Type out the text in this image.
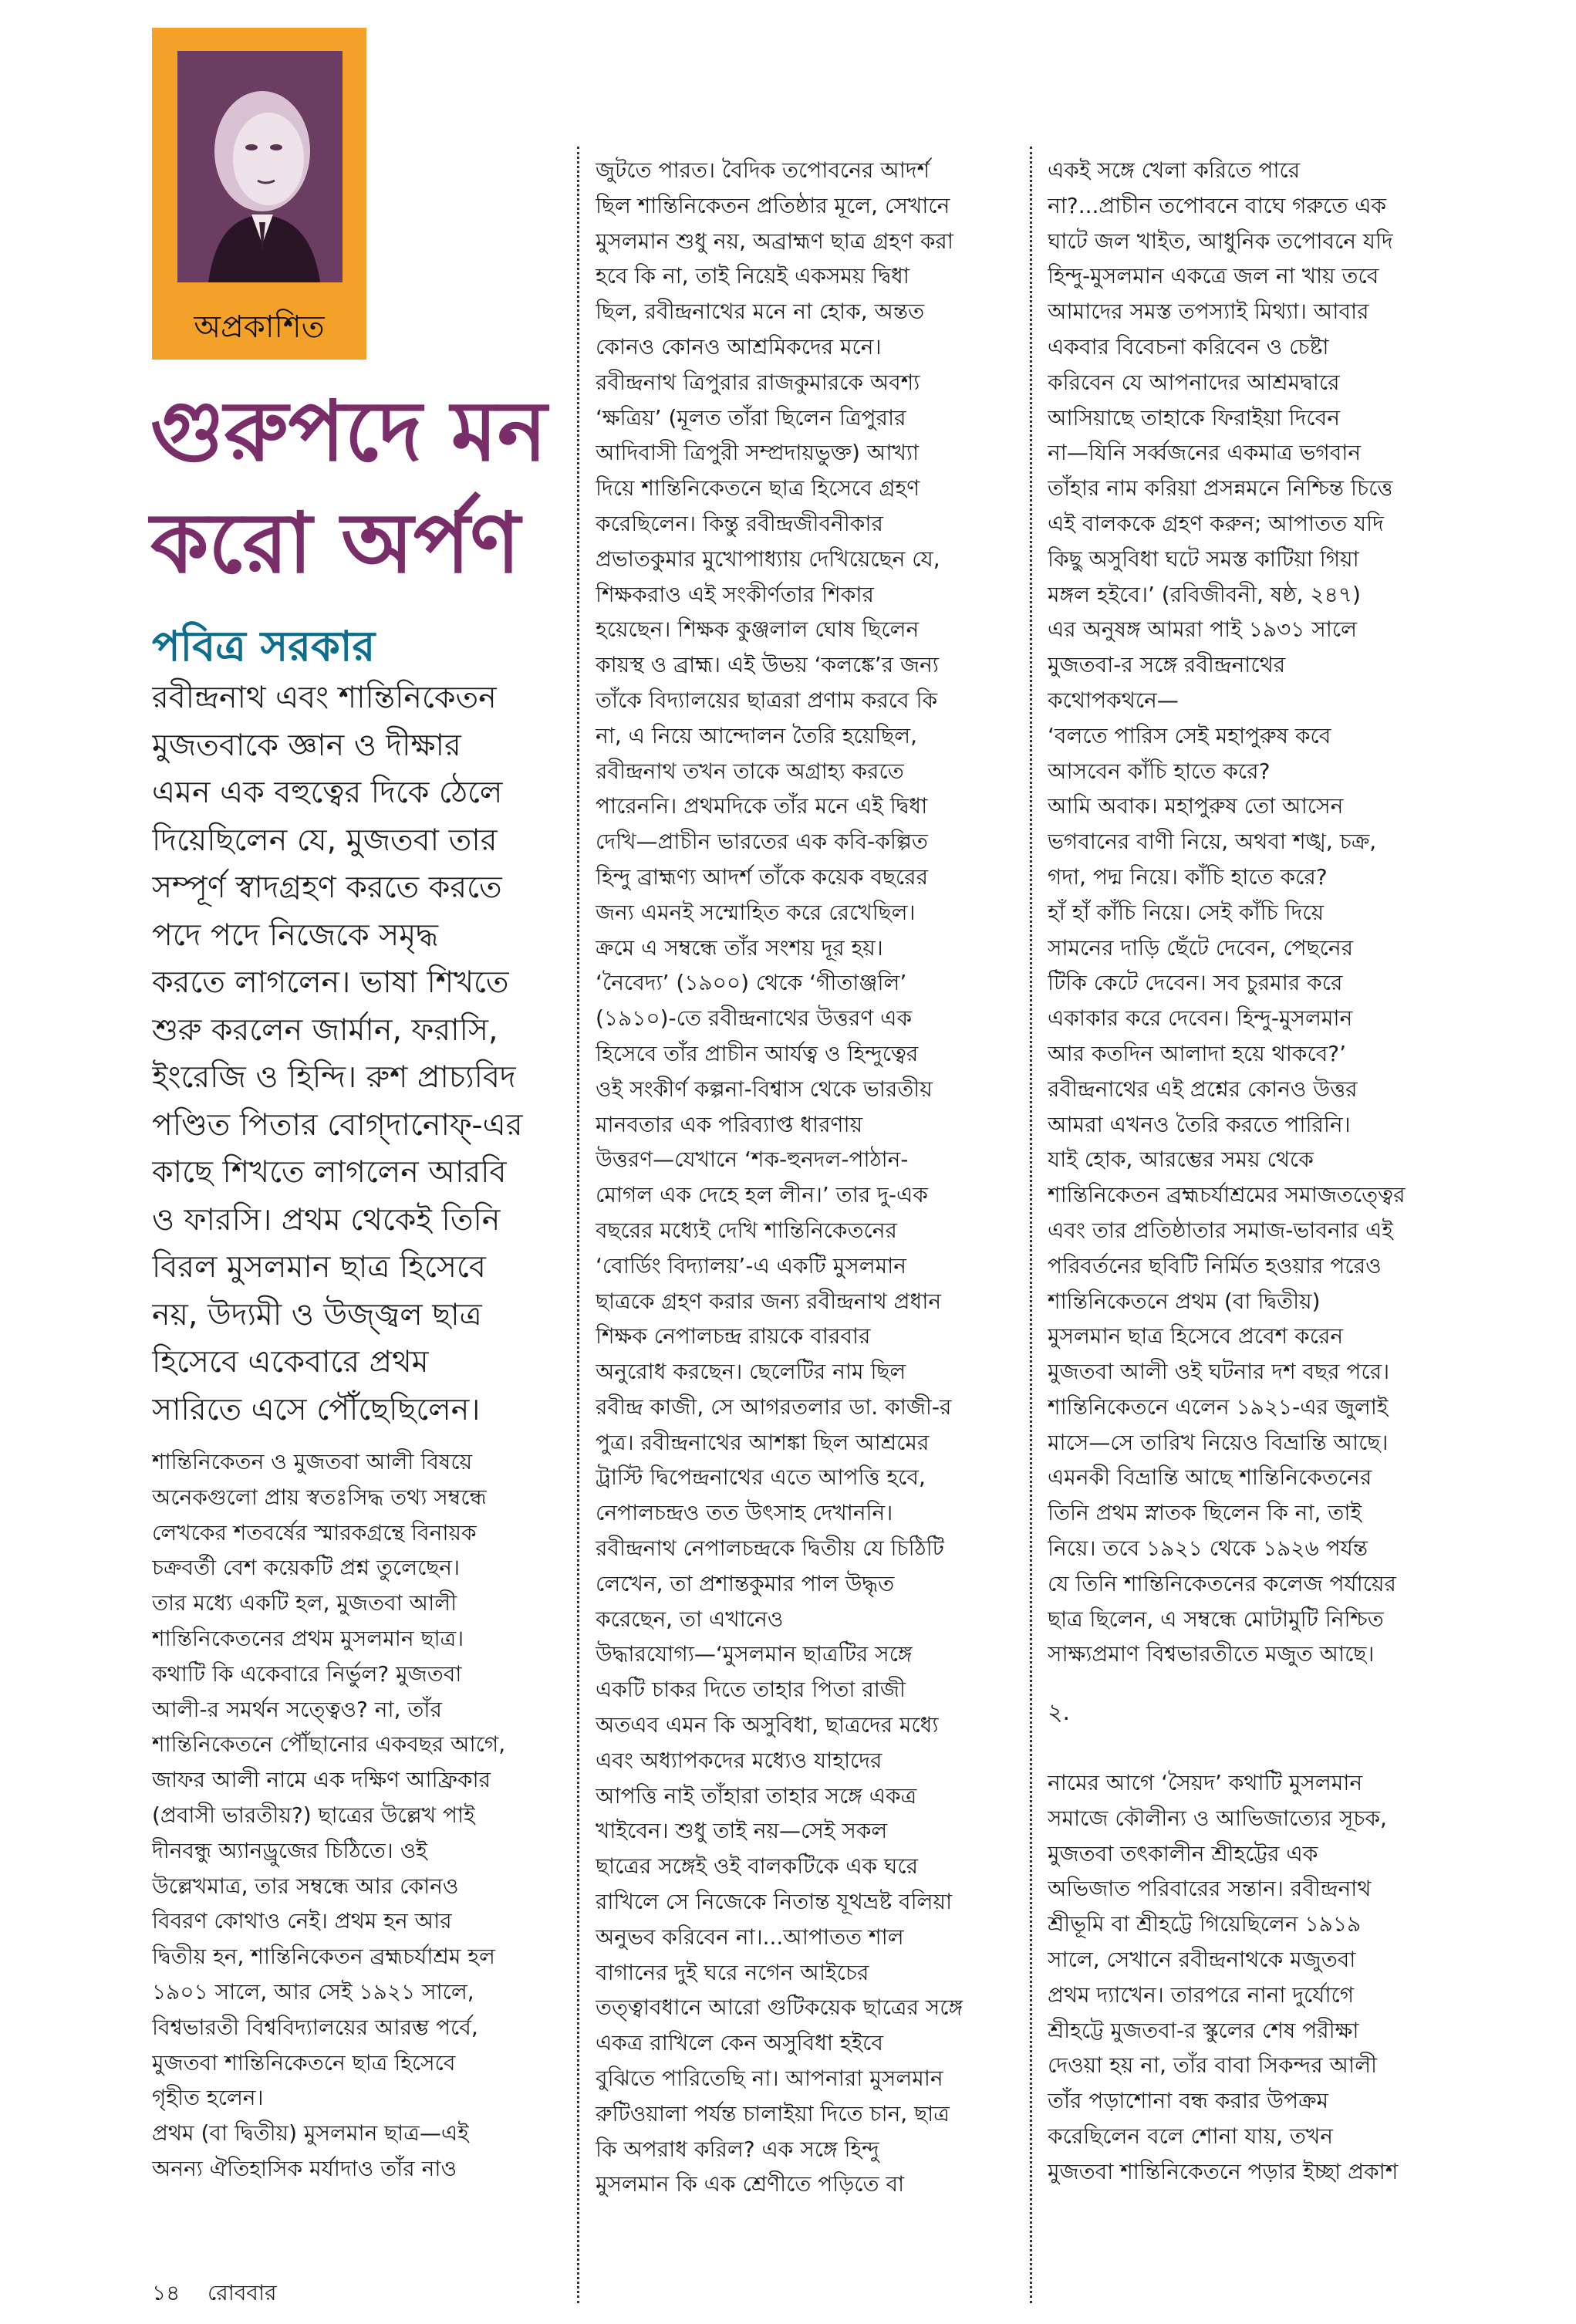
অপ্রকাশিত
গুরুপদে মন
করো অর্পণ
পবিত্র সরকার

রবীন্দ্রনাথ এবং শান্তিনিকেতন

মুজতবাকে জ্ঞান ও দীক্ষার

এমন এক বহুত্বের দিকে ঠেলে

দিয়েছিলেন যে, মুজতবা তার

সম্পূর্ণ স্বাদগ্রহণ করতে করতে

পদে পদে নিজেকে সমৃদ্ধ

করতে লাগলেন। ভাষা শিখতে

শুরু করলেন জার্মান, ফরাসি,

ইংরেজি ও হিন্দি। রুশ প্রাচ্যবিদ

পণ্ডিত পিতার বোগ্‌দানোফ্‌-এর

কাছে শিখতে লাগলেন আরবি

ও ফারসি। প্রথম থেকেই তিনি

বিরল মুসলমান ছাত্র হিসেবে

নয়, উদ্যমী ও উজ্জ্বল ছাত্র

হিসেবে একেবারে প্রথম

সারিতে এসে পৌঁছেছিলেন।

শান্তিনিকেতন ও মুজতবা আলী বিষয়ে

অনেকগুলো প্রায় স্বতঃসিদ্ধ তথ্য সম্বন্ধে

লেখকের শতবর্ষের স্মারকগ্রন্থে বিনায়ক

চক্রবর্তী বেশ কয়েকটি প্রশ্ন তুলেছেন।

তার মধ্যে একটি হল, মুজতবা আলী

শান্তিনিকেতনের প্রথম মুসলমান ছাত্র।

কথাটি কি একেবারে নির্ভুল? মুজতবা

আলী-র সমর্থন সত্ত্বেও? না, তাঁর

শান্তিনিকেতনে পৌঁছানোর একবছর আগে,

জাফর আলী নামে এক দক্ষিণ আফ্রিকার

(প্রবাসী ভারতীয়?) ছাত্রের উল্লেখ পাই

দীনবন্ধু অ্যানড্রুজের চিঠিতে। ওই

উল্লেখমাত্র, তার সম্বন্ধে আর কোনও

বিবরণ কোথাও নেই। প্রথম হন আর

দ্বিতীয় হন, শান্তিনিকেতন ব্রহ্মচর্যাশ্রম হল

১৯০১ সালে, আর সেই ১৯২১ সালে,

বিশ্বভারতী বিশ্ববিদ্যালয়ের আরম্ভ পর্বে,

মুজতবা শান্তিনিকেতনে ছাত্র হিসেবে

গৃহীত হলেন।

প্রথম (বা দ্বিতীয়) মুসলমান ছাত্র—এই

অনন্য ঐতিহাসিক মর্যাদাও তাঁর নাও

জুটতে পারত। বৈদিক তপোবনের আদর্শ

ছিল শান্তিনিকেতন প্রতিষ্ঠার মূলে, সেখানে

মুসলমান শুধু নয়, অব্রাহ্মণ ছাত্র গ্রহণ করা

হবে কি না, তাই নিয়েই একসময় দ্বিধা

ছিল, রবীন্দ্রনাথের মনে না হোক, অন্তত

কোনও কোনও আশ্রমিকদের মনে।

রবীন্দ্রনাথ ত্রিপুরার রাজকুমারকে অবশ্য

‘ক্ষত্রিয়’ (মূলত তাঁরা ছিলেন ত্রিপুরার

আদিবাসী ত্রিপুরী সম্প্রদায়ভুক্ত) আখ্যা

দিয়ে শান্তিনিকেতনে ছাত্র হিসেবে গ্রহণ

করেছিলেন। কিন্তু রবীন্দ্রজীবনীকার

প্রভাতকুমার মুখোপাধ্যায় দেখিয়েছেন যে,

শিক্ষকরাও এই সংকীর্ণতার শিকার

হয়েছেন। শিক্ষক কুঞ্জলাল ঘোষ ছিলেন

কায়স্থ ও ব্রাহ্ম। এই উভয় ‘কলঙ্কে’র জন্য

তাঁকে বিদ্যালয়ের ছাত্ররা প্রণাম করবে কি

না, এ নিয়ে আন্দোলন তৈরি হয়েছিল,

রবীন্দ্রনাথ তখন তাকে অগ্রাহ্য করতে

পারেননি। প্রথমদিকে তাঁর মনে এই দ্বিধা

দেখি—প্রাচীন ভারতের এক কবি-কল্পিত

হিন্দু ব্রাহ্মণ্য আদর্শ তাঁকে কয়েক বছরের

জন্য এমনই সম্মোহিত করে রেখেছিল।

ক্রমে এ সম্বন্ধে তাঁর সংশয় দূর হয়।

‘নৈবেদ্য’ (১৯০০) থেকে ‘গীতাঞ্জলি’

(১৯১০)-তে রবীন্দ্রনাথের উত্তরণ এক

হিসেবে তাঁর প্রাচীন আর্যত্ব ও হিন্দুত্বের

ওই সংকীর্ণ কল্পনা-বিশ্বাস থেকে ভারতীয়

মানবতার এক পরিব্যাপ্ত ধারণায়

উত্তরণ—যেখানে ‘শক-হুনদল-পাঠান-

মোগল এক দেহে হল লীন।’ তার দু-এক

বছরের মধ্যেই দেখি শান্তিনিকেতনের

‘বোর্ডিং বিদ্যালয়’-এ একটি মুসলমান

ছাত্রকে গ্রহণ করার জন্য রবীন্দ্রনাথ প্রধান

শিক্ষক নেপালচন্দ্র রায়কে বারবার

অনুরোধ করছেন। ছেলেটির নাম ছিল

রবীন্দ্র কাজী, সে আগরতলার ডা. কাজী-র

পুত্র। রবীন্দ্রনাথের আশঙ্কা ছিল আশ্রমের

ট্রাস্টি দ্বিপেন্দ্রনাথের এতে আপত্তি হবে,

নেপালচন্দ্রও তত উৎসাহ দেখাননি।

রবীন্দ্রনাথ নেপালচন্দ্রকে দ্বিতীয় যে চিঠিটি

লেখেন, তা প্রশান্তকুমার পাল উদ্ধৃত

করেছেন, তা এখানেও

উদ্ধারযোগ্য—‘মুসলমান ছাত্রটির সঙ্গে

একটি চাকর দিতে তাহার পিতা রাজী

অতএব এমন কি অসুবিধা, ছাত্রদের মধ্যে

এবং অধ্যাপকদের মধ্যেও যাহাদের

আপত্তি নাই তাঁহারা তাহার সঙ্গে একত্র

খাইবেন। শুধু তাই নয়—সেই সকল

ছাত্রের সঙ্গেই ওই বালকটিকে এক ঘরে

রাখিলে সে নিজেকে নিতান্ত যূথভ্রষ্ট বলিয়া

অনুভব করিবেন না।...আপাতত শাল

বাগানের দুই ঘরে নগেন আইচের

তত্ত্বাবধানে আরো গুটিকয়েক ছাত্রের সঙ্গে

একত্র রাখিলে কেন অসুবিধা হইবে

বুঝিতে পারিতেছি না। আপনারা মুসলমান

রুটিওয়ালা পর্যন্ত চালাইয়া দিতে চান, ছাত্র

কি অপরাধ করিল? এক সঙ্গে হিন্দু

মুসলমান কি এক শ্রেণীতে পড়িতে বা

একই সঙ্গে খেলা করিতে পারে

না?...প্রাচীন তপোবনে বাঘে গরুতে এক

ঘাটে জল খাইত, আধুনিক তপোবনে যদি

হিন্দু-মুসলমান একত্রে জল না খায় তবে

আমাদের সমস্ত তপস্যাই মিথ্যা। আবার

একবার বিবেচনা করিবেন ও চেষ্টা

করিবেন যে আপনাদের আশ্রমদ্বারে

আসিয়াছে তাহাকে ফিরাইয়া দিবেন

না—যিনি সর্ব্বজনের একমাত্র ভগবান

তাঁহার নাম করিয়া প্রসন্নমনে নিশ্চিন্ত চিত্তে

এই বালককে গ্রহণ করুন; আপাতত যদি

কিছু অসুবিধা ঘটে সমস্ত কাটিয়া গিয়া

মঙ্গল হইবে।’ (রবিজীবনী, ষষ্ঠ, ২৪৭)

এর অনুষঙ্গ আমরা পাই ১৯৩১ সালে

মুজতবা-র সঙ্গে রবীন্দ্রনাথের

কথোপকথনে—

‘বলতে পারিস সেই মহাপুরুষ কবে

আসবেন কাঁচি হাতে করে?

আমি অবাক। মহাপুরুষ তো আসেন

ভগবানের বাণী নিয়ে, অথবা শঙ্খ, চক্র,

গদা, পদ্ম নিয়ে। কাঁচি হাতে করে?

হাঁ হাঁ কাঁচি নিয়ে। সেই কাঁচি দিয়ে

সামনের দাড়ি ছেঁটে দেবেন, পেছনের

টিকি কেটে দেবেন। সব চুরমার করে

একাকার করে দেবেন। হিন্দু-মুসলমান

আর কতদিন আলাদা হয়ে থাকবে?’

রবীন্দ্রনাথের এই প্রশ্নের কোনও উত্তর

আমরা এখনও তৈরি করতে পারিনি।

যাই হোক, আরম্ভের সময় থেকে

শান্তিনিকেতন ব্রহ্মচর্যাশ্রমের সমাজতত্ত্বের

এবং তার প্রতিষ্ঠাতার সমাজ-ভাবনার এই

পরিবর্তনের ছবিটি নির্মিত হওয়ার পরেও

শান্তিনিকেতনে প্রথম (বা দ্বিতীয়)

মুসলমান ছাত্র হিসেবে প্রবেশ করেন

মুজতবা আলী ওই ঘটনার দশ বছর পরে।

শান্তিনিকেতনে এলেন ১৯২১-এর জুলাই

মাসে—সে তারিখ নিয়েও বিভ্রান্তি আছে।

এমনকী বিভ্রান্তি আছে শান্তিনিকেতনের

তিনি প্রথম স্নাতক ছিলেন কি না, তাই

নিয়ে। তবে ১৯২১ থেকে ১৯২৬ পর্যন্ত

যে তিনি শান্তিনিকেতনের কলেজ পর্যায়ের

ছাত্র ছিলেন, এ সম্বন্ধে মোটামুটি নিশ্চিত

সাক্ষ্যপ্রমাণ বিশ্বভারতীতে মজুত আছে।

২.

নামের আগে ‘সৈয়দ’ কথাটি মুসলমান

সমাজে কৌলীন্য ও আভিজাত্যের সূচক,

মুজতবা তৎকালীন শ্রীহট্টের এক

অভিজাত পরিবারের সন্তান। রবীন্দ্রনাথ

শ্রীভূমি বা শ্রীহট্টে গিয়েছিলেন ১৯১৯

সালে, সেখানে রবীন্দ্রনাথকে মজুতবা

প্রথম দ্যাখেন। তারপরে নানা দুর্যোগে

শ্রীহট্টে মুজতবা-র স্কুলের শেষ পরীক্ষা

দেওয়া হয় না, তাঁর বাবা সিকন্দর আলী

তাঁর পড়াশোনা বন্ধ করার উপক্রম

করেছিলেন বলে শোনা যায়, তখন

মুজতবা শান্তিনিকেতনে পড়ার ইচ্ছা প্রকাশ

১৪ রোববার
